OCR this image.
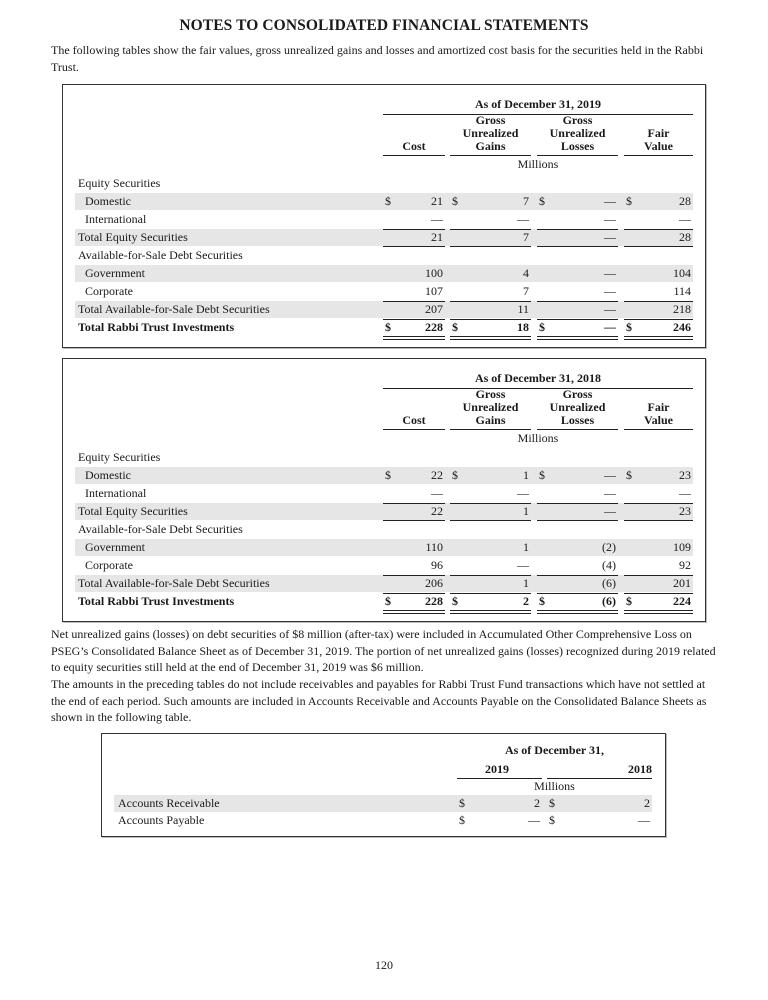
NOTES TO CONSOLIDATED FINANCIAL STATEMENTS
The following tables show the fair values, gross unrealized gains and losses and amortized cost basis for the securities held in the Rabbi Trust.
As of December 31, 2019
Cost
Gross
Unrealized
Gains
Gross
Unrealized
Losses
Fair
Value
Millions
Equity Securities
Domestic	$	21 $	7 $	— $	28
International	—	—	—	—
Total Equity Securities	21	7	—	28
Available-for-Sale Debt Securities
Government	100	4	—	104
Corporate	107	7	—	114
Total Available-for-Sale Debt Securities	207	11	—	218
Total Rabbi Trust Investments	$	228 $	18 $	— $	246
As of December 31, 2018
Cost
Gross
Unrealized
Gains
Gross
Unrealized
Losses
Fair
Value
Millions
Equity Securities
Domestic	$	22 $	1 $	— $	23
International	—	—	—	—
Total Equity Securities	22	1	—	23
Available-for-Sale Debt Securities
Government	110	1	(2)	109
Corporate	96	—	(4)	92
Total Available-for-Sale Debt Securities	206	1	(6)	201
Total Rabbi Trust Investments	$	228 $	2 $	(6) $	224
Net unrealized gains (losses) on debt securities of $8 million (after-tax) were included in Accumulated Other Comprehensive Loss on PSEG’s Consolidated Balance Sheet as of December 31, 2019. The portion of net unrealized gains (losses) recognized during 2019 related to equity securities still held at the end of December 31, 2019 was $6 million.
The amounts in the preceding tables do not include receivables and payables for Rabbi Trust Fund transactions which have not settled at the end of each period. Such amounts are included in Accounts Receivable and Accounts Payable on the Consolidated Balance Sheets as shown in the following table.
As of December 31,
2019	2018
Millions
Accounts Receivable	$	2 $	2
Accounts Payable	$	— $	—
120
